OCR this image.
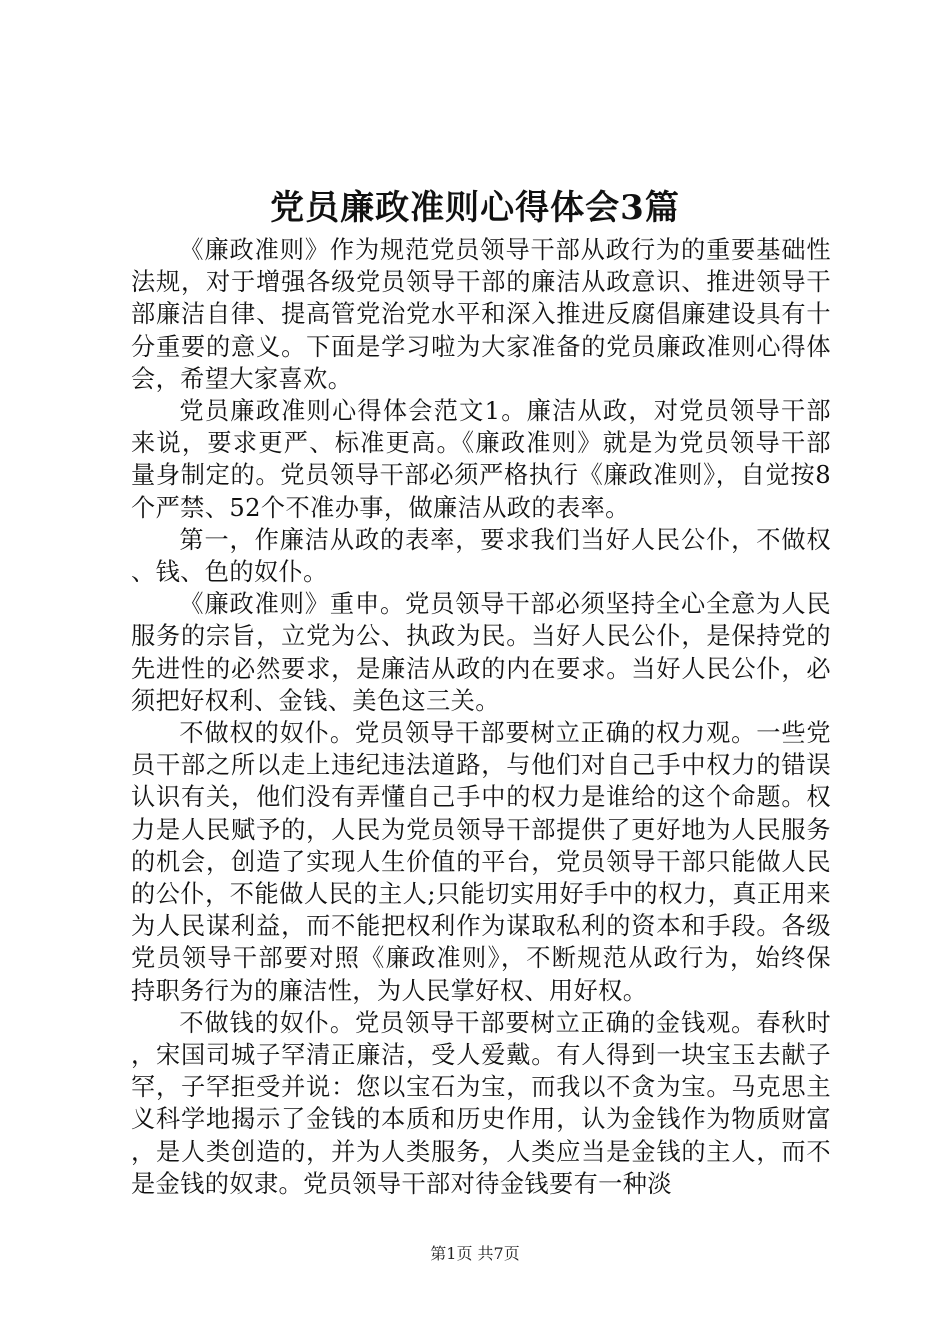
党员廉政准则心得体会3篇

《廉政准则》作为规范党员领导干部从政行为的重要基础性法规，对于增强各级党员领导干部的廉洁从政意识、推进领导干部廉洁自律、提高管党治党水平和深入推进反腐倡廉建设具有十分重要的意义。下面是学习啦为大家准备的党员廉政准则心得体会，希望大家喜欢。

党员廉政准则心得体会范文1。廉洁从政，对党员领导干部来说，要求更严、标准更高。《廉政准则》就是为党员领导干部量身制定的。党员领导干部必须严格执行《廉政准则》，自觉按8个严禁、52个不准办事，做廉洁从政的表率。

第一，作廉洁从政的表率，要求我们当好人民公仆，不做权、钱、色的奴仆。

《廉政准则》重申。党员领导干部必须坚持全心全意为人民服务的宗旨，立党为公、执政为民。当好人民公仆，是保持党的先进性的必然要求，是廉洁从政的内在要求。当好人民公仆，必须把好权利、金钱、美色这三关。

不做权的奴仆。党员领导干部要树立正确的权力观。一些党员干部之所以走上违纪违法道路，与他们对自己手中权力的错误认识有关，他们没有弄懂自己手中的权力是谁给的这个命题。权力是人民赋予的，人民为党员领导干部提供了更好地为人民服务的机会，创造了实现人生价值的平台，党员领导干部只能做人民的公仆，不能做人民的主人;只能切实用好手中的权力，真正用来为人民谋利益，而不能把权利作为谋取私利的资本和手段。各级党员领导干部要对照《廉政准则》，不断规范从政行为，始终保持职务行为的廉洁性，为人民掌好权、用好权。

不做钱的奴仆。党员领导干部要树立正确的金钱观。春秋时，宋国司城子罕清正廉洁，受人爱戴。有人得到一块宝玉去献子罕，子罕拒受并说：您以宝石为宝，而我以不贪为宝。马克思主义科学地揭示了金钱的本质和历史作用，认为金钱作为物质财富，是人类创造的，并为人类服务，人类应当是金钱的主人，而不是金钱的奴隶。党员领导干部对待金钱要有一种淡

第1页 共7页
